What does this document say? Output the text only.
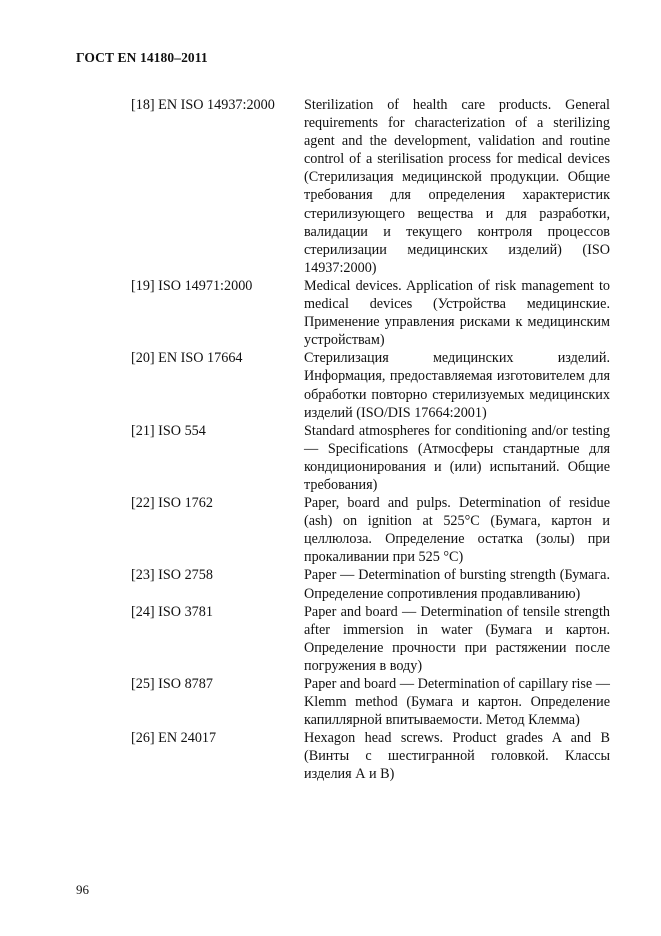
ГОСТ EN 14180–2011
[18] EN ISO 14937:2000	Sterilization of health care products. General requirements for characterization of a sterilizing agent and the development, validation and routine control of a sterilisation process for medical devices (Стерилизация медицинской продукции. Общие требования для определения характеристик стерилизующего вещества и для разработки, валидации и текущего контроля процессов стерилизации медицинских изделий) (ISO 14937:2000)
[19] ISO 14971:2000	Medical devices. Application of risk management to medical devices (Устройства медицинские. Применение управления рисками к медицинским устройствам)
[20] EN ISO 17664	Стерилизация медицинских изделий. Информация, предоставляемая изготовителем для обработки повторно стерилизуемых медицинских изделий (ISO/DIS 17664:2001)

[21] ISO 554	Standard atmospheres for conditioning and/or testing — Specifications (Атмосферы стандартные для кондиционирования и (или) испытаний. Общие требования)
[22] ISO 1762	Paper, board and pulps. Determination of residue (ash) on ignition at 525°С (Бумага, картон и целлюлоза. Определение остатка (золы) при прокаливании при 525 °С)
[23] ISO 2758	Paper — Determination of bursting strength (Бумага. Определение сопротивления продавливанию)
[24] ISO 3781	Paper and board — Determination of tensile strength after immersion in water (Бумага и картон. Определение прочности при растяжении после погружения в воду)
[25] ISO 8787	Paper and board — Determination of capillary rise — Klemm method (Бумага и картон. Определение капиллярной впитываемости. Метод Клемма)
[26] EN 24017	Hexagon head screws. Product grades A and B (Винты с шестигранной головкой. Классы изделия А и В)
96
